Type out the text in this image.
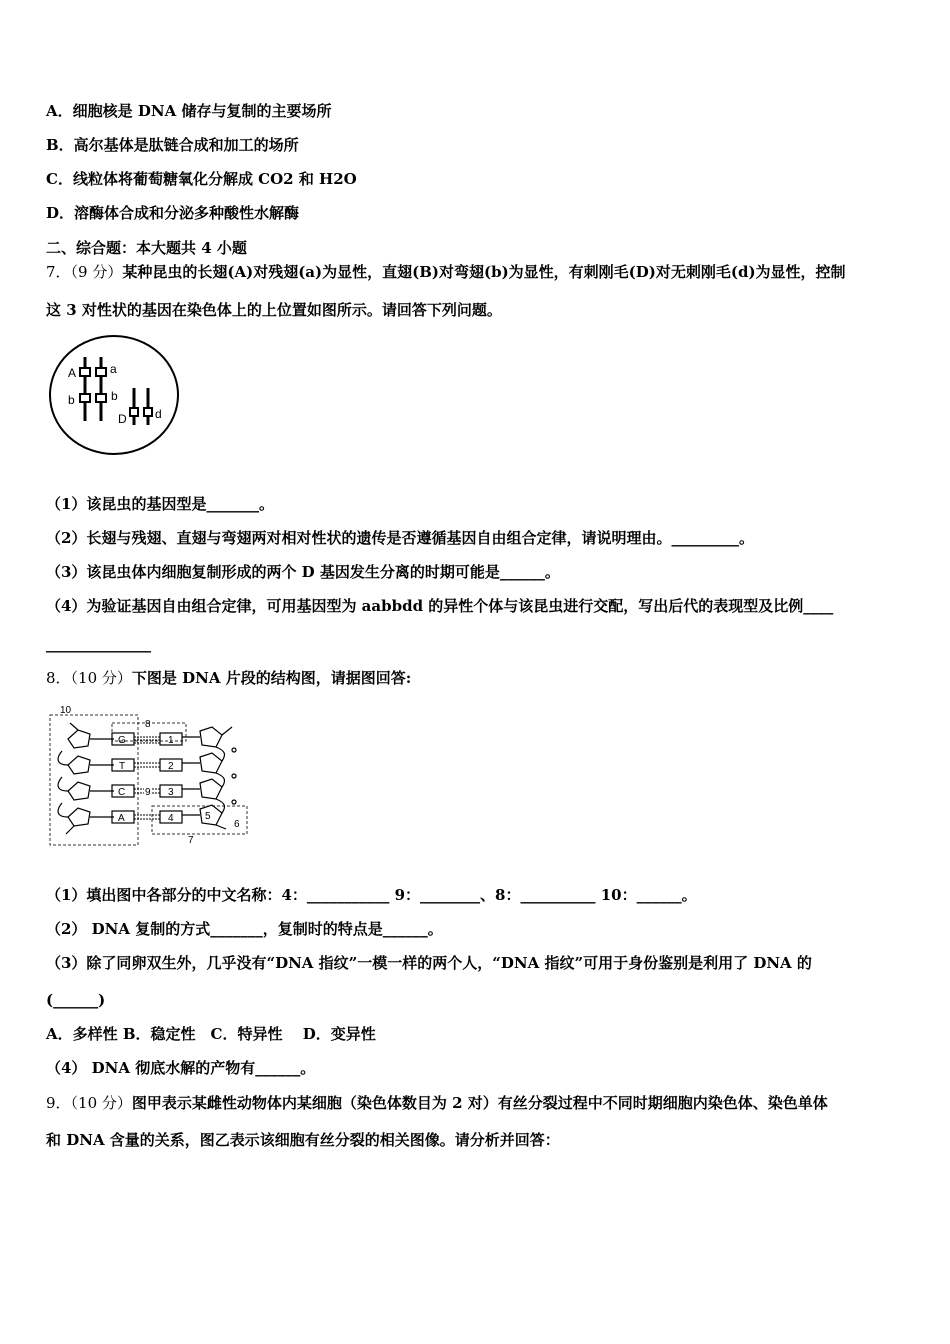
A．细胞核是 DNA 储存与复制的主要场所
B．高尔基体是肽链合成和加工的场所
C．线粒体将葡萄糖氧化分解成 CO2 和 H2O
D．溶酶体合成和分泌多种酸性水解酶
二、综合题：本大题共 4 小题
7．（9 分）某种昆虫的长翅(A)对残翅(a)为显性，直翅(B)对弯翅(b)为显性，有刺刚毛(D)对无刺刚毛(d)为显性，控制
这 3 对性状的基因在染色体上的上位置如图所示。请回答下列问题。
A	a
b	b
D d
（1）该昆虫的基因型是_______。
（2）长翅与残翅、直翅与弯翅两对相对性状的遗传是否遵循基因自由组合定律，请说明理由。_________。
（3）该昆虫体内细胞复制形成的两个 D 基因发生分离的时期可能是______。
（4）为验证基因自由组合定律，可用基因型为 aabbdd 的异性个体与该昆虫进行交配，写出后代的表现型及比例____
______________
8．（10 分）下图是 DNA 片段的结构图，请据图回答:
10
8
G	1
T	2
C 9 3
A	4	5
6
7
（1）填出图中各部分的中文名称：4：___________ 9：________、8：__________ 10：______。
（2） DNA 复制的方式_______，复制时的特点是______。
（3）除了同卵双生外，几乎没有“DNA 指纹”一模一样的两个人，“DNA 指纹”可用于身份鉴别是利用了 DNA 的
(______)
A．多样性 B．稳定性　C．特异性　 D．变异性
（4） DNA 彻底水解的产物有______。
9．（10 分）图甲表示某雌性动物体内某细胞（染色体数目为 2 对）有丝分裂过程中不同时期细胞内染色体、染色单体
和 DNA 含量的关系，图乙表示该细胞有丝分裂的相关图像。请分析并回答：
